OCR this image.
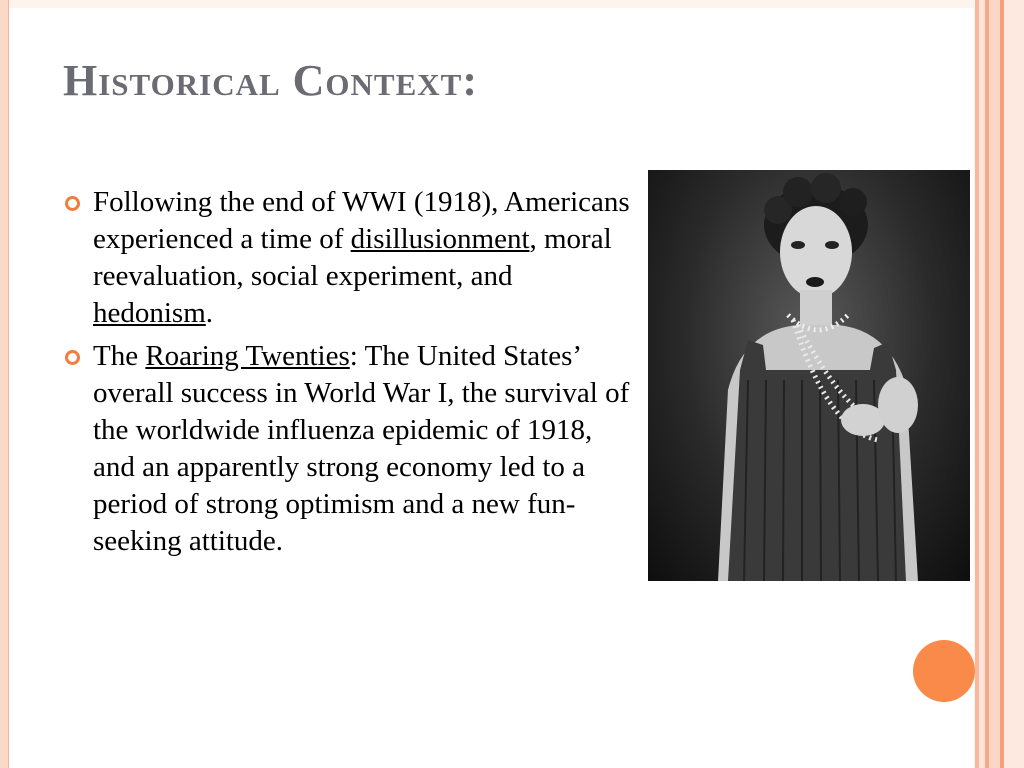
Historical Context:
Following the end of WWI (1918), Americans experienced a time of disillusionment, moral reevaluation, social experiment, and hedonism.
The Roaring Twenties: The United States’ overall success in World War I, the survival of the worldwide influenza epidemic of 1918, and an apparently strong economy led to a period of strong optimism and a new fun-seeking attitude.
